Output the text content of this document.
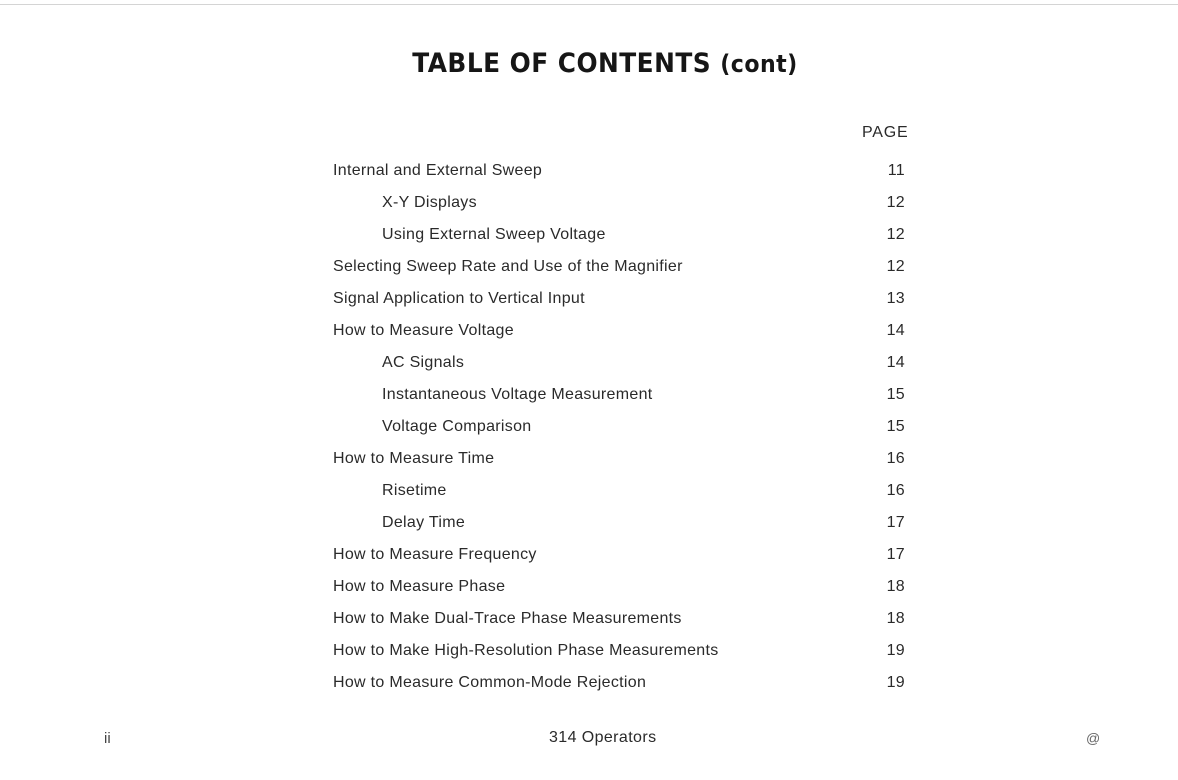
TABLE OF CONTENTS (cont)
PAGE
Internal and External Sweep	11
X-Y Displays	12
Using External Sweep Voltage	12
Selecting Sweep Rate and Use of the Magnifier	12
Signal Application to Vertical Input	13
How to Measure Voltage	14
AC Signals	14
Instantaneous Voltage Measurement	15
Voltage Comparison	15
How to Measure Time	16
Risetime	16
Delay Time	17
How to Measure Frequency	17
How to Measure Phase	18
How to Make Dual-Trace Phase Measurements	18
How to Make High-Resolution Phase Measurements	19
How to Measure Common-Mode Rejection	19
ii	314 Operators	@
